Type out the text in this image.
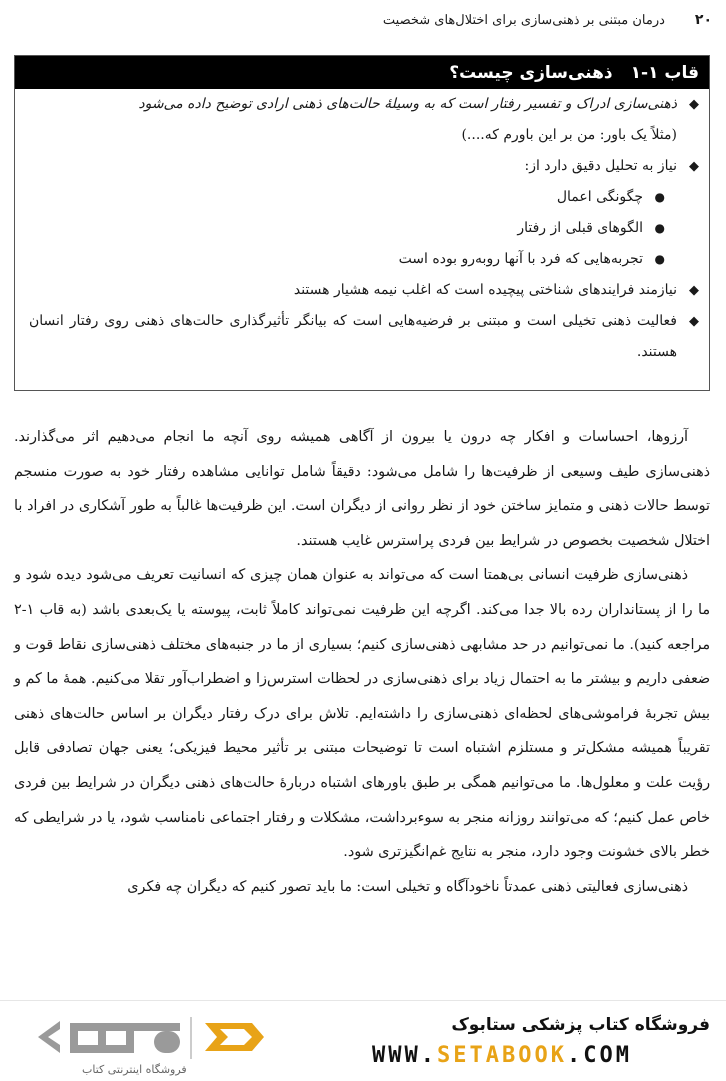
۲۰
درمان مبتنی بر ذهنی‌سازی برای اختلال‌های شخصیت
قاب ۱-۱
ذهنی‌سازی چیست؟
◆
ذهنی‌سازی ادراک و تفسیر رفتار است که به وسیلهٔ حالت‌های ذهنی ارادی توضیح داده می‌شود
(مثلاً یک باور: من بر این باورم که....)
◆
نیاز به تحلیل دقیق دارد از:
●
چگونگی اعمال
●
الگوهای قبلی از رفتار
●
تجربه‌هایی که فرد با آنها روبه‌رو بوده است
◆
نیازمند فرایندهای شناختی پیچیده است که اغلب نیمه هشیار هستند
◆
فعالیت ذهنی تخیلی است و مبتنی بر فرضیه‌هایی است که بیانگر تأثیرگذاری حالت‌های ذهنی روی رفتار انسان هستند.

آرزوها، احساسات و افکار چه درون یا بیرون از آگاهی همیشه روی آنچه ما انجام می‌دهیم اثر می‌گذارند. ذهنی‌سازی طیف وسیعی از ظرفیت‌ها را شامل می‌شود: دقیقاً شامل توانایی مشاهده رفتار خود به صورت منسجم توسط حالات ذهنی و متمایز ساختن خود از نظر روانی از دیگران است. این ظرفیت‌ها غالباً به طور آشکاری در افراد با اختلال شخصیت بخصوص در شرایط بین فردی پراسترس غایب هستند.

ذهنی‌سازی ظرفیت انسانی بی‌همتا است که می‌تواند به عنوان همان چیزی که انسانیت تعریف می‌شود دیده شود و ما را از پستانداران رده بالا جدا می‌کند. اگرچه این ظرفیت نمی‌تواند کاملاً ثابت، پیوسته یا یک‌بعدی باشد (به قاب ۱-۲ مراجعه کنید). ما نمی‌توانیم در حد مشابهی ذهنی‌سازی کنیم؛ بسیاری از ما در جنبه‌های مختلف ذهنی‌سازی نقاط قوت و ضعفی داریم و بیشتر ما به احتمال زیاد برای ذهنی‌سازی در لحظات استرس‌زا و اضطراب‌آور تقلا می‌کنیم. همهٔ ما کم و بیش تجربهٔ فراموشی‌های لحظه‌ای ذهنی‌سازی را داشته‌ایم. تلاش برای درک رفتار دیگران بر اساس حالت‌های ذهنی تقریباً همیشه مشکل‌تر و مستلزم اشتباه است تا توضیحات مبتنی بر تأثیر محیط فیزیکی؛ یعنی جهان تصادفی قابل رؤیت علت و معلول‌ها. ما می‌توانیم همگی بر طبق باورهای اشتباه دربارهٔ حالت‌های ذهنی دیگران در شرایط بین فردی خاص عمل کنیم؛ که می‌توانند روزانه منجر به سوءبرداشت، مشکلات و رفتار اجتماعی نامناسب شود، یا در شرایطی که خطر بالای خشونت وجود دارد، منجر به نتایج غم‌انگیزتری شود.

ذهنی‌سازی فعالیتی ذهنی عمدتاً ناخودآگاه و تخیلی است: ما باید تصور کنیم که دیگران چه فکری

فروشگاه اینترنتی کتاب
فروشگاه کتاب پزشکی ستابوک
WWW.SETABOOK.COM
